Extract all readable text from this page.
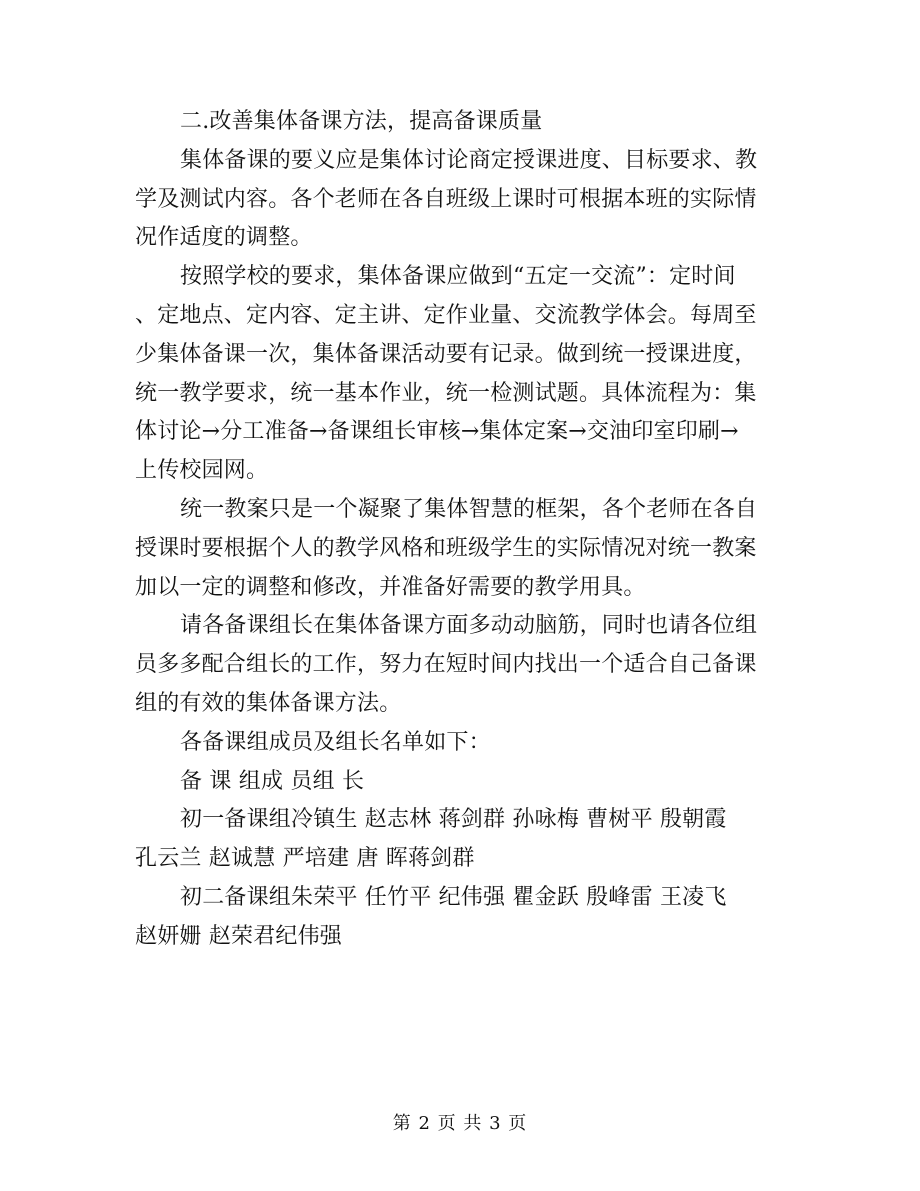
二.改善集体备课方法，提高备课质量
集体备课的要义应是集体讨论商定授课进度、目标要求、教
学及测试内容。各个老师在各自班级上课时可根据本班的实际情
况作适度的调整。
按照学校的要求，集体备课应做到“五定一交流”：定时间
、定地点、定内容、定主讲、定作业量、交流教学体会。每周至
少集体备课一次，集体备课活动要有记录。做到统一授课进度，
统一教学要求，统一基本作业，统一检测试题。具体流程为：集
体讨论→分工准备→备课组长审核→集体定案→交油印室印刷→
上传校园网。
统一教案只是一个凝聚了集体智慧的框架，各个老师在各自
授课时要根据个人的教学风格和班级学生的实际情况对统一教案
加以一定的调整和修改，并准备好需要的教学用具。
请各备课组长在集体备课方面多动动脑筋，同时也请各位组
员多多配合组长的工作，努力在短时间内找出一个适合自己备课
组的有效的集体备课方法。
各备课组成员及组长名单如下：
备 课 组成 员组 长
初一备课组冷镇生 赵志林 蒋剑群 孙咏梅 曹树平 殷朝霞
孔云兰 赵诚慧 严培建 唐 晖蒋剑群
初二备课组朱荣平 任竹平 纪伟强 瞿金跃 殷峰雷 王凌飞
赵妍姗 赵荣君纪伟强
第 2 页 共 3 页
